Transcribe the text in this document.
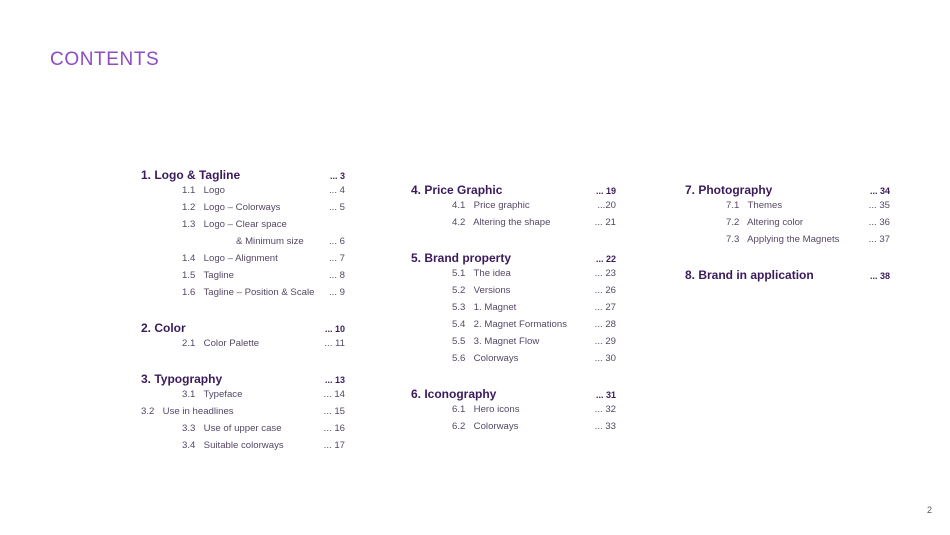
CONTENTS
1. Logo & Tagline	... 3
1.1 Logo	... 4
1.2 Logo – Colorways	... 5
1.3 Logo – Clear space
& Minimum size	... 6
1.4 Logo – Alignment	... 7
1.5 Tagline	... 8
1.6 Tagline – Position & Scale ... 9
2. Color	... 10
2.1 Color Palette	... 11
3. Typography	... 13
3.1 Typeface	... 14
3.2 Use in headlines	... 15
3.3 Use of upper case	... 16
3.4 Suitable colorways	... 17
4. Price Graphic	... 19
4.1 Price graphic	...20
4.2 Altering the shape	... 21
5. Brand property	... 22
5.1 The idea	... 23
5.2 Versions	... 26
5.3 1. Magnet	... 27
5.4 2. Magnet Formations	... 28
5.5 3. Magnet Flow	... 29
5.6 Colorways	... 30
6. Iconography	... 31
6.1 Hero icons	... 32
6.2 Colorways	... 33
7. Photography	... 34
7.1 Themes	... 35
7.2 Altering color	... 36
7.3 Applying the Magnets	... 37
8. Brand in application	... 38
2
